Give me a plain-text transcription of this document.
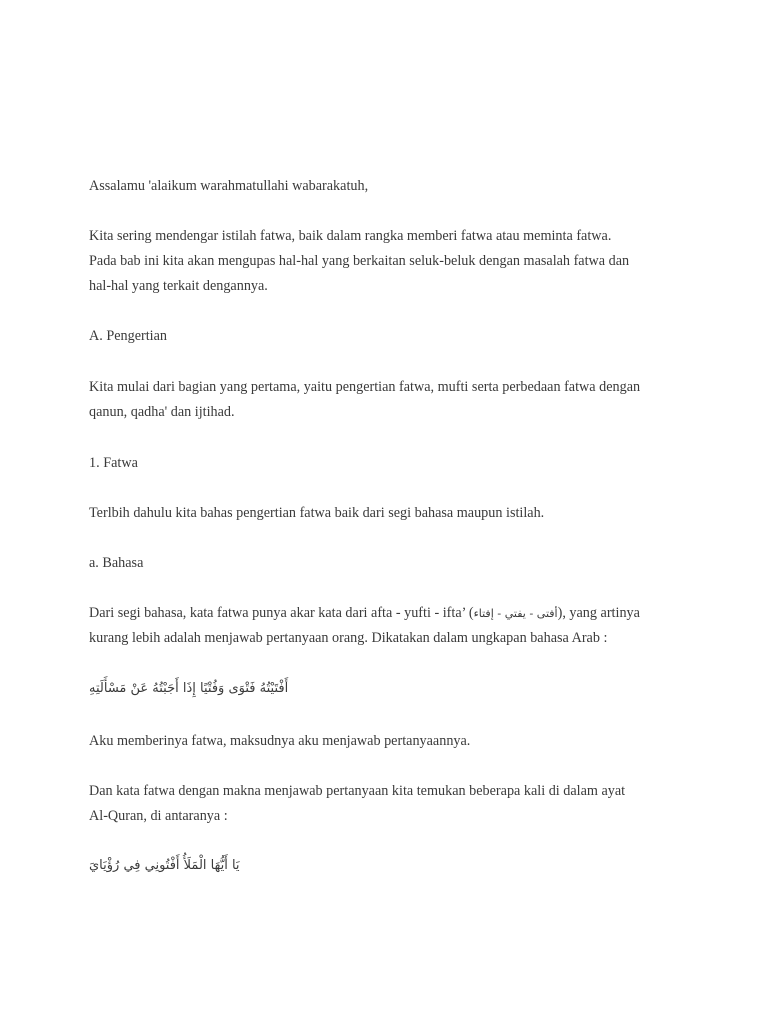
Assalamu 'alaikum warahmatullahi wabarakatuh,
Kita sering mendengar istilah fatwa, baik dalam rangka memberi fatwa atau meminta fatwa.
Pada bab ini kita akan mengupas hal-hal yang berkaitan seluk-beluk dengan masalah fatwa dan
hal-hal yang terkait dengannya.
A. Pengertian
Kita mulai dari bagian yang pertama, yaitu pengertian fatwa, mufti serta perbedaan fatwa dengan
qanun, qadha' dan ijtihad.
1. Fatwa
Terlbih dahulu kita bahas pengertian fatwa baik dari segi bahasa maupun istilah.
a. Bahasa
Dari segi bahasa, kata fatwa punya akar kata dari afta - yufti - ifta’ (أفتى - يفتي - إفتاء), yang artinya
kurang lebih adalah menjawab pertanyaan orang. Dikatakan dalam ungkapan bahasa Arab :
أَفْتَيْتُهُ فَتْوَى وَفُتْيًا إِذَا أَجَبْتُهُ عَنْ مَسْأَلَتِهِ
Aku memberinya fatwa, maksudnya aku menjawab pertanyaannya.
Dan kata fatwa dengan makna menjawab pertanyaan kita temukan beberapa kali di dalam ayat
Al-Quran, di antaranya :
يَا أَيُّهَا الْمَلَأُ أَفْتُونِي فِي رُؤْيَايَ
